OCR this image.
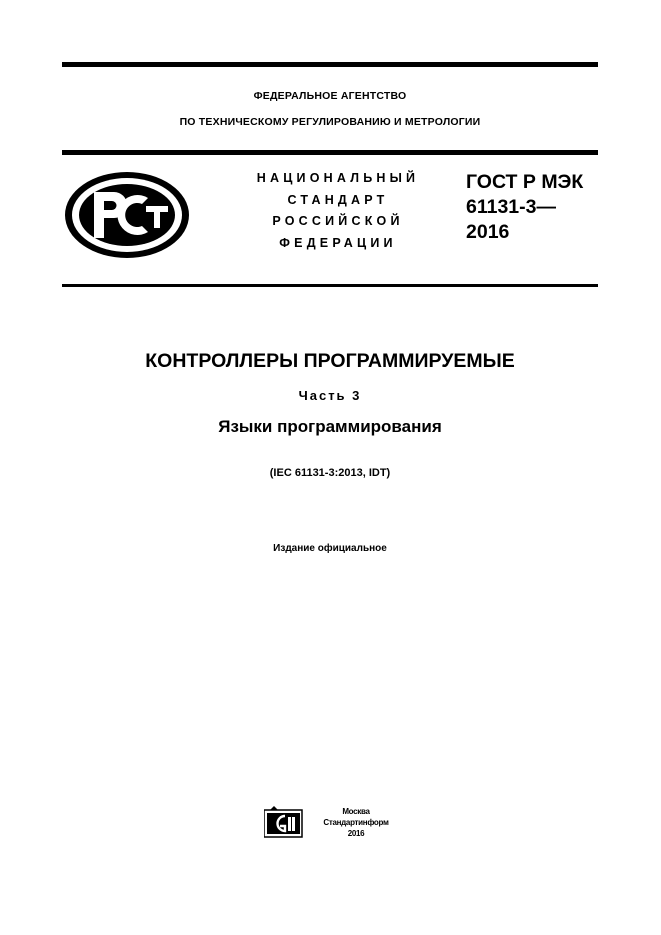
ФЕДЕРАЛЬНОЕ АГЕНТСТВО
ПО ТЕХНИЧЕСКОМУ РЕГУЛИРОВАНИЮ И МЕТРОЛОГИИ
НАЦИОНАЛЬНЫЙ
СТАНДАРТ
РОССИЙСКОЙ
ФЕДЕРАЦИИ
ГОСТ Р МЭК
61131-3—
2016
КОНТРОЛЛЕРЫ ПРОГРАММИРУЕМЫЕ
Часть 3
Языки программирования
(IEC 61131-3:2013, IDT)
Издание официальное
Москва
Стандартинформ
2016
